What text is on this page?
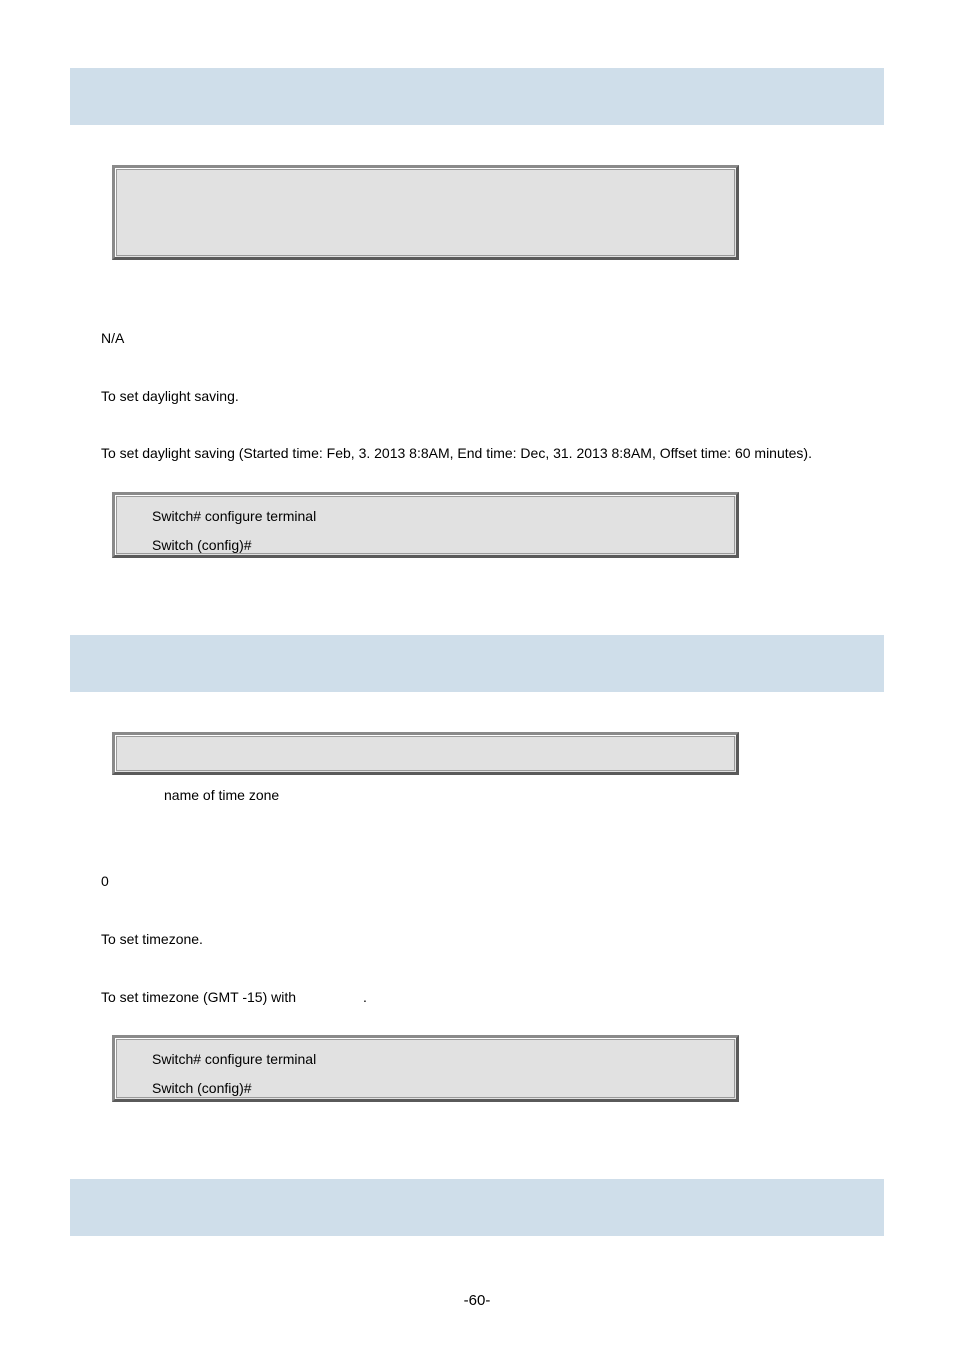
N/A
To set daylight saving.
To set daylight saving (Started time: Feb, 3. 2013 8:8AM, End time: Dec, 31. 2013 8:8AM, Offset time: 60 minutes).
Switch# configure terminal
Switch (config)#
name of time zone
0
To set timezone.
To set timezone (GMT -15) with	.
Switch# configure terminal
Switch (config)#
-60-
